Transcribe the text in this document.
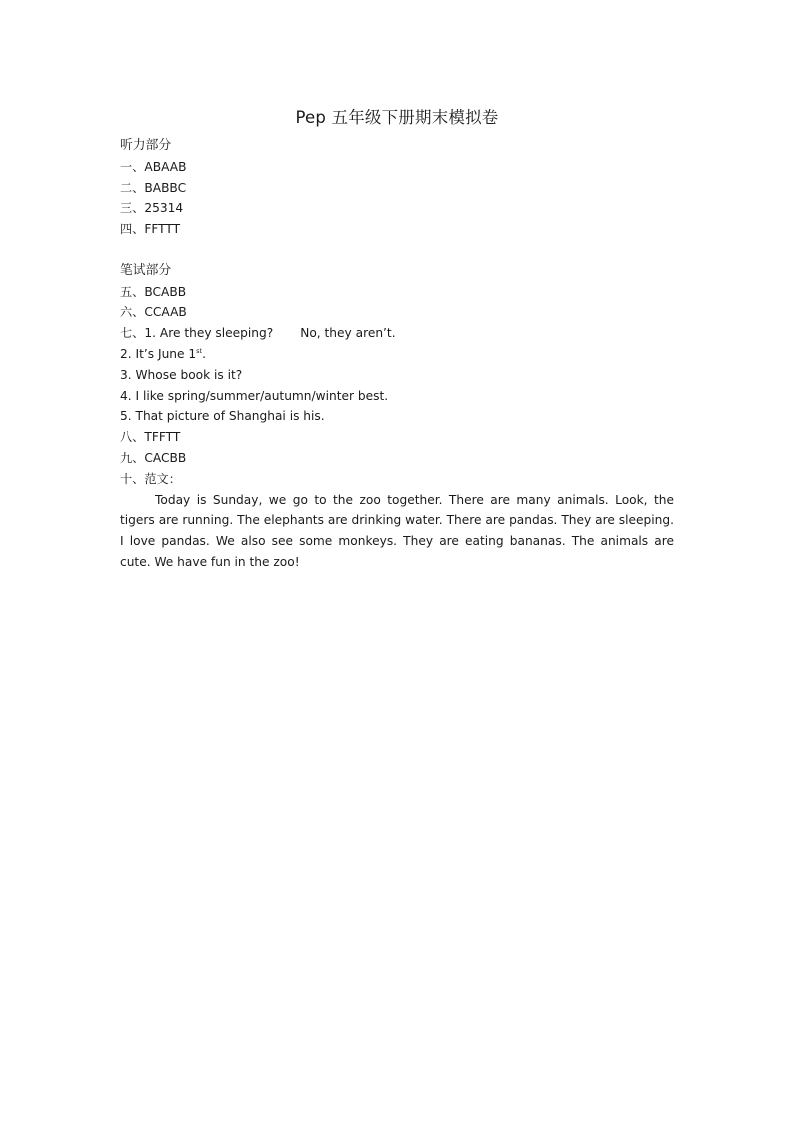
Pep 五年级下册期末模拟卷
听力部分
一、ABAAB
二、BABBC
三、25314
四、FFTTT
笔试部分
五、BCABB
六、CCAAB
七、1. Are they sleeping? No, they aren’t.
2. It’s June 1st.
3. Whose book is it?
4. I like spring/summer/autumn/winter best.
5. That picture of Shanghai is his.
八、TFFTT
九、CACBB
十、范文：
Today is Sunday, we go to the zoo together. There are many animals. Look, the tigers are running. The elephants are drinking water. There are pandas. They are sleeping. I love pandas. We also see some monkeys. They are eating bananas. The animals are cute. We have fun in the zoo!
